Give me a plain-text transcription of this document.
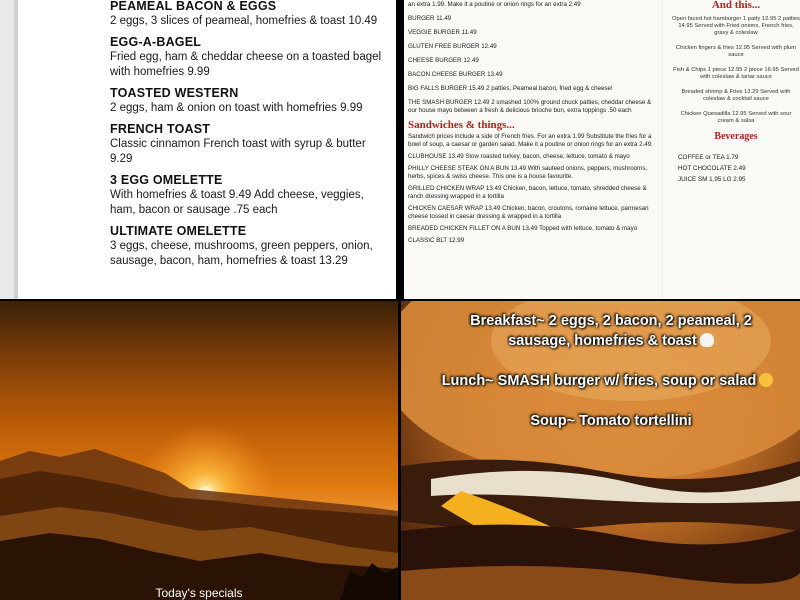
PEAMEAL BACON & EGGS
2 eggs, 3 slices of peameal, homefries & toast 10.49
EGG-A-BAGEL
Fried egg, ham & cheddar cheese on a toasted bagel with homefries 9.99
TOASTED WESTERN
2 eggs, ham & onion on toast with homefries 9.99
FRENCH TOAST
Classic cinnamon French toast with syrup & butter 9.29
3 EGG OMELETTE
With homefries & toast 9.49 Add cheese, veggies, ham, bacon or sausage .75 each
ULTIMATE OMELETTE
3 eggs, cheese, mushrooms, green peppers, onion, sausage, bacon, ham, homefries & toast 13.29

an extra 1.99. Make it a poutine or onion rings for an extra 2.49

BURGER 11.49

VEGGIE BURGER 11.49

GLUTEN FREE BURGER 12.49

CHEESE BURGER 12.49

BACON CHEESE BURGER 13.49

BIG FALLS BURGER 15.49 2 patties, Peameal bacon, fried egg & cheese!

THE SMASH BURGER 12.49 2 smashed 100% ground chuck patties, cheddar cheese & our house mayo between a fresh & delicious brioche bun, extra toppings .50 each

Sandwiches & things...

Sandwich prices include a side of French fries. For an extra 1.99 Substitute the fries for a bowl of soup, a caesar or garden salad. Make it a poutine or onion rings for an extra 2.49.

CLUBHOUSE 13.49 Slow roasted turkey, bacon, cheese, lettuce, tomato & mayo

PHILLY CHEESE STEAK ON A BUN 13.49 With sauteed onions, peppers, mushrooms, herbs, spices & swiss cheese. This one is a house favourite.

GRILLED CHICKEN WRAP 13.49 Chicken, bacon, lettuce, tomato, shredded cheese & ranch dressing wrapped in a tortilla

CHICKEN CAESAR WRAP 13.49 Chicken, bacon, croutons, romaine lettuce, parmesan cheese tossed in caesar dressing & wrapped in a tortilla

BREADED CHICKEN FILLET ON A BUN 13.49 Topped with lettuce, tomato & mayo

CLASSIC BLT 12.99

And this...
Open faced hot hamburger 1 patty 12.95 2 patties 14.95 Served with Fried onions, French fries, gravy & coleslaw
Chicken fingers & fries 12.95 Served with plum sauce
Fish & Chips 1 piece 12.95 2 piece 16.95 Served with coleslaw & tartar sauce
Breaded shrimp & Fries 13.29 Served with coleslaw & cocktail sauce
Chicken Quesadilla 12.95 Served with sour cream & salsa
Beverages
COFFEE or TEA 1.79
HOT CHOCOLATE 2.49
JUICE SM 1.95 LG 2.95
Today's specials
Breakfast~ 2 eggs, 2 bacon, 2 peameal, 2 sausage, homefries & toast
Lunch~ SMASH burger w/ fries, soup or salad
Soup~ Tomato tortellini
